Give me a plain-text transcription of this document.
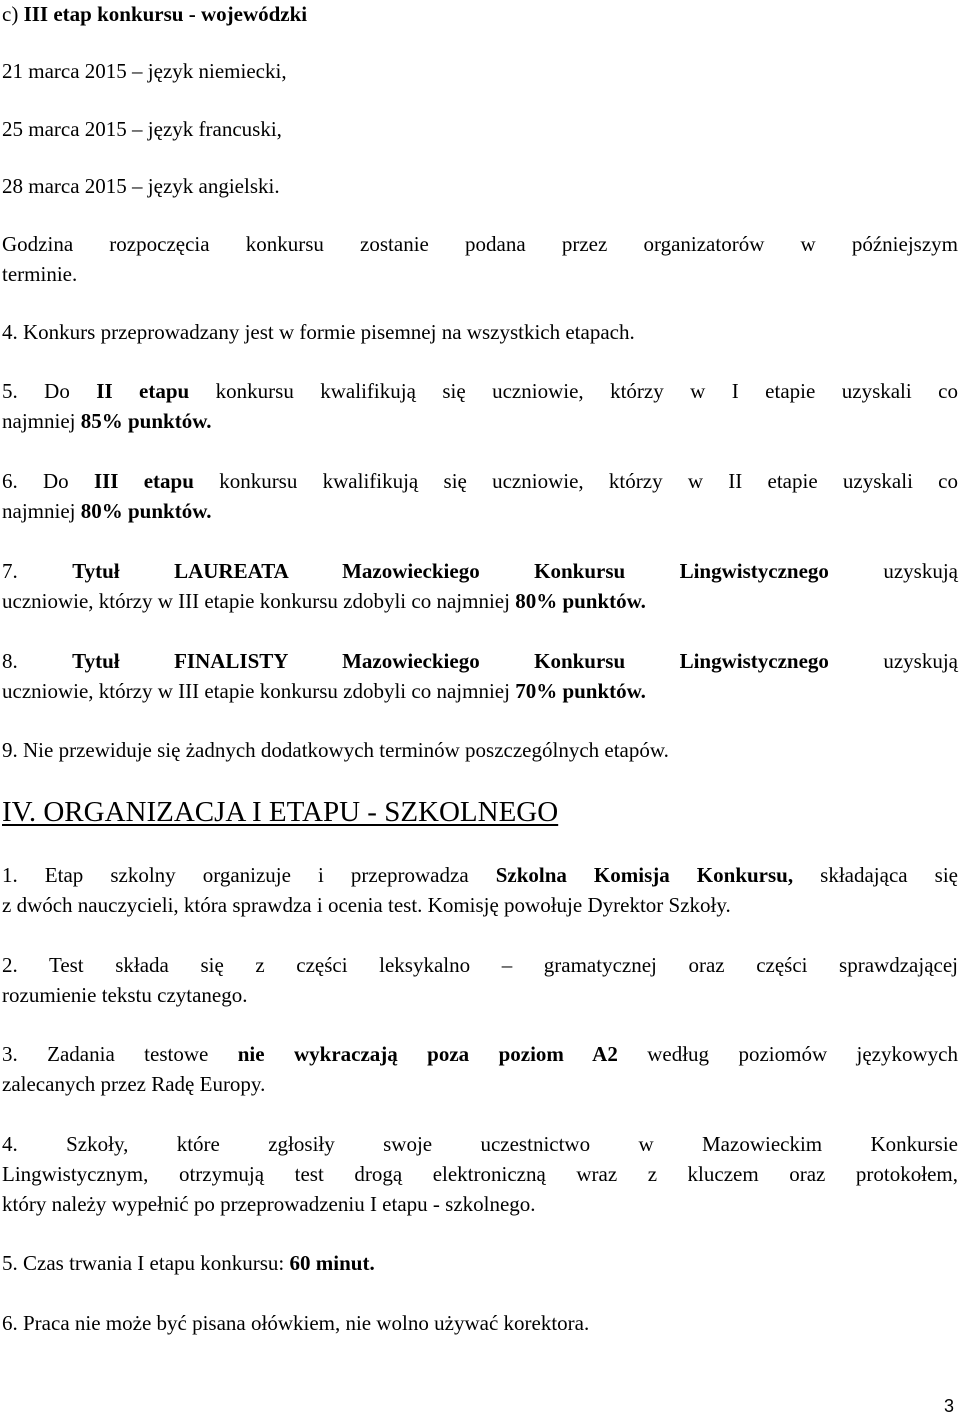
c) III etap konkursu - wojewódzki
21 marca 2015 – język niemiecki,
25 marca 2015 – język francuski,
28 marca 2015 – język angielski.
Godzina rozpoczęcia konkursu zostanie podana przez organizatorów w późniejszym
terminie.
4. Konkurs przeprowadzany jest w formie pisemnej na wszystkich etapach.
5. Do II etapu konkursu kwalifikują się uczniowie, którzy w I etapie uzyskali co
najmniej 85% punktów.
6. Do III etapu konkursu kwalifikują się uczniowie, którzy w II etapie uzyskali co
najmniej 80% punktów.
7. Tytuł LAUREATA Mazowieckiego Konkursu Lingwistycznego uzyskują
uczniowie, którzy w III etapie konkursu zdobyli co najmniej 80% punktów.
8. Tytuł FINALISTY Mazowieckiego Konkursu Lingwistycznego uzyskują
uczniowie, którzy w III etapie konkursu zdobyli co najmniej 70% punktów.
9. Nie przewiduje się żadnych dodatkowych terminów poszczególnych etapów.
IV. ORGANIZACJA I ETAPU - SZKOLNEGO
1. Etap szkolny organizuje i przeprowadza Szkolna Komisja Konkursu, składająca się
z dwóch nauczycieli, która sprawdza i ocenia test. Komisję powołuje Dyrektor Szkoły.
2. Test składa się z części leksykalno – gramatycznej oraz części sprawdzającej
rozumienie tekstu czytanego.
3. Zadania testowe nie wykraczają poza poziom A2 według poziomów językowych
zalecanych przez Radę Europy.
4. Szkoły, które zgłosiły swoje uczestnictwo w Mazowieckim Konkursie
Lingwistycznym, otrzymują test drogą elektroniczną wraz z kluczem oraz protokołem,
który należy wypełnić po przeprowadzeniu I etapu - szkolnego.
5. Czas trwania I etapu konkursu: 60 minut.
6. Praca nie może być pisana ołówkiem, nie wolno używać korektora.
3
